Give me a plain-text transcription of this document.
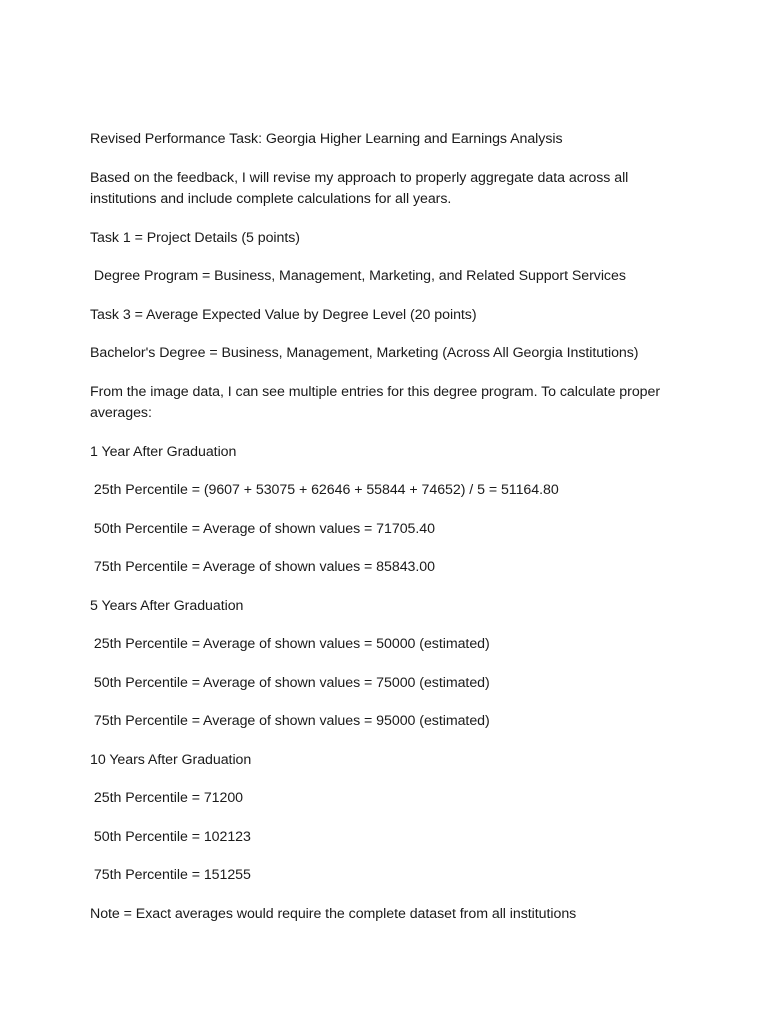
Revised Performance Task: Georgia Higher Learning and Earnings Analysis

Based on the feedback, I will revise my approach to properly aggregate data across all institutions and include complete calculations for all years.

Task 1 = Project Details (5 points)

Degree Program = Business, Management, Marketing, and Related Support Services

Task 3 = Average Expected Value by Degree Level (20 points)

Bachelor's Degree = Business, Management, Marketing (Across All Georgia Institutions)

From the image data, I can see multiple entries for this degree program. To calculate proper averages:

1 Year After Graduation

25th Percentile = (9607 + 53075 + 62646 + 55844 + 74652) / 5 = 51164.80

50th Percentile = Average of shown values = 71705.40

75th Percentile = Average of shown values = 85843.00

5 Years After Graduation

25th Percentile = Average of shown values = 50000 (estimated)

50th Percentile = Average of shown values = 75000 (estimated)

75th Percentile = Average of shown values = 95000 (estimated)

10 Years After Graduation

25th Percentile = 71200

50th Percentile = 102123

75th Percentile = 151255

Note = Exact averages would require the complete dataset from all institutions
